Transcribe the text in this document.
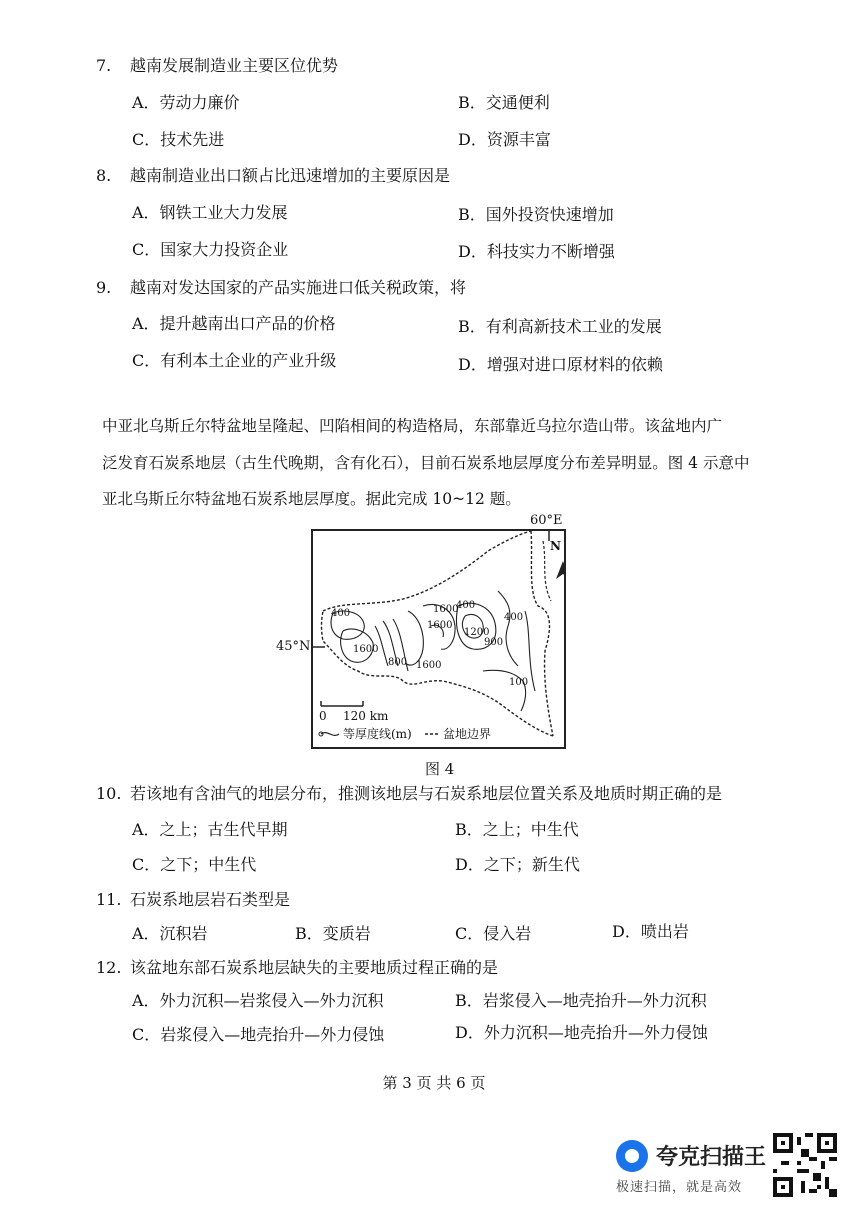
7. 越南发展制造业主要区位优势
A．劳动力廉价	B．交通便利
C．技术先进	D．资源丰富
8. 越南制造业出口额占比迅速增加的主要原因是
A．钢铁工业大力发展	B．国外投资快速增加
C．国家大力投资企业	D．科技实力不断增强
9. 越南对发达国家的产品实施进口低关税政策，将
A．提升越南出口产品的价格	B．有利高新技术工业的发展
C．有利本土企业的产业升级	D．增强对进口原材料的依赖
中亚北乌斯丘尔特盆地呈隆起、凹陷相间的构造格局，东部靠近乌拉尔造山带。该盆地内广
泛发育石炭系地层（古生代晚期，含有化石），目前石炭系地层厚度分布差异明显。图 4 示意中
亚北乌斯丘尔特盆地石炭系地层厚度。据此完成 10~12 题。
60°E
45°N
N
400
400
1600
1600
1600
1200
900
400
100
800
1600
0 120 km
等厚度线(m)	盆地边界
图 4
10. 若该地有含油气的地层分布，推测该地层与石炭系地层位置关系及地质时期正确的是
A．之上；古生代早期	B．之上；中生代
C．之下；中生代	D．之下；新生代
11. 石炭系地层岩石类型是
A．沉积岩	B．变质岩	C．侵入岩	D．喷出岩
12. 该盆地东部石炭系地层缺失的主要地质过程正确的是
A．外力沉积—岩浆侵入—外力沉积	B．岩浆侵入—地壳抬升—外力沉积
C．岩浆侵入—地壳抬升—外力侵蚀	D．外力沉积—地壳抬升—外力侵蚀
第 3 页 共 6 页
夸克扫描王
极速扫描，就是高效
